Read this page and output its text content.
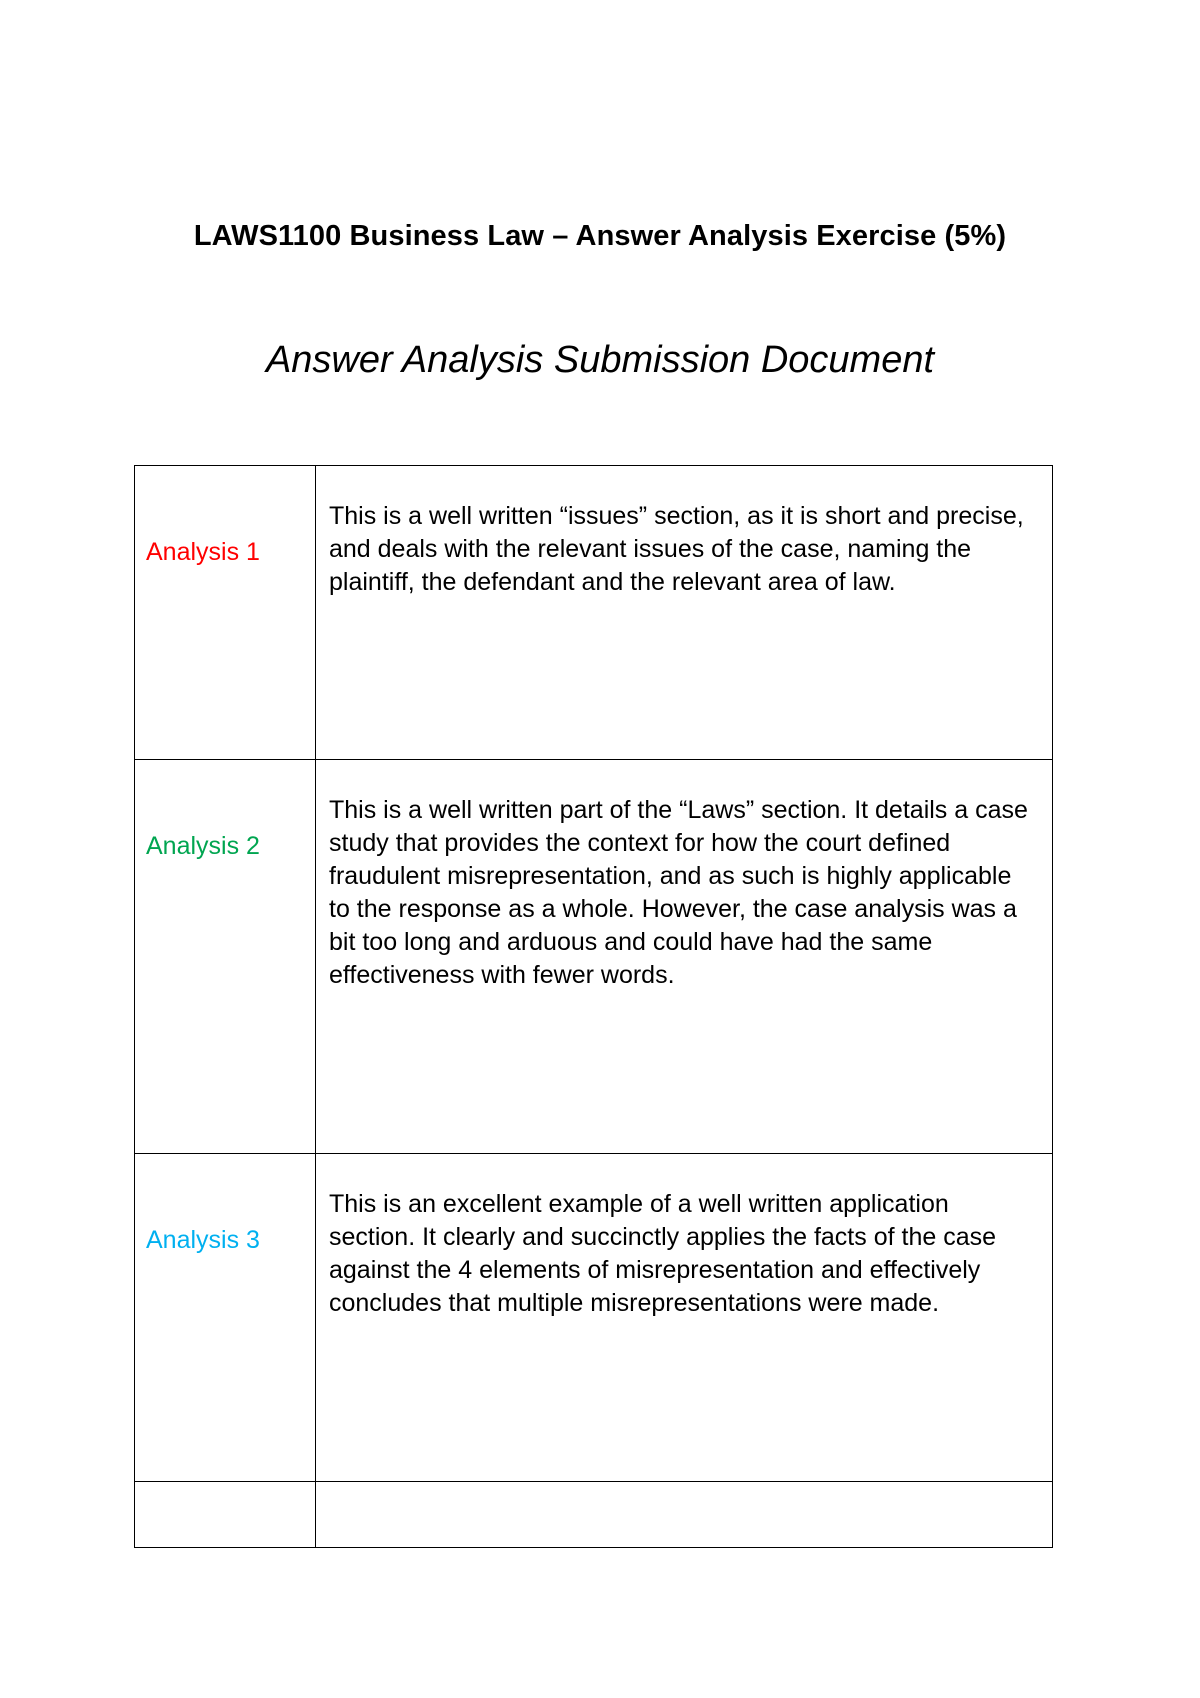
LAWS1100 Business Law – Answer Analysis Exercise (5%)
Answer Analysis Submission Document
Analysis 1	This is a well written “issues” section, as it is short and precise, and deals with the relevant issues of the case, naming the plaintiff, the defendant and the relevant area of law.
Analysis 2	This is a well written part of the “Laws” section. It details a case study that provides the context for how the court defined fraudulent misrepresentation, and as such is highly applicable to the response as a whole. However, the case analysis was a bit too long and arduous and could have had the same effectiveness with fewer words.
Analysis 3	This is an excellent example of a well written application section. It clearly and succinctly applies the facts of the case against the 4 elements of misrepresentation and effectively concludes that multiple misrepresentations were made.
